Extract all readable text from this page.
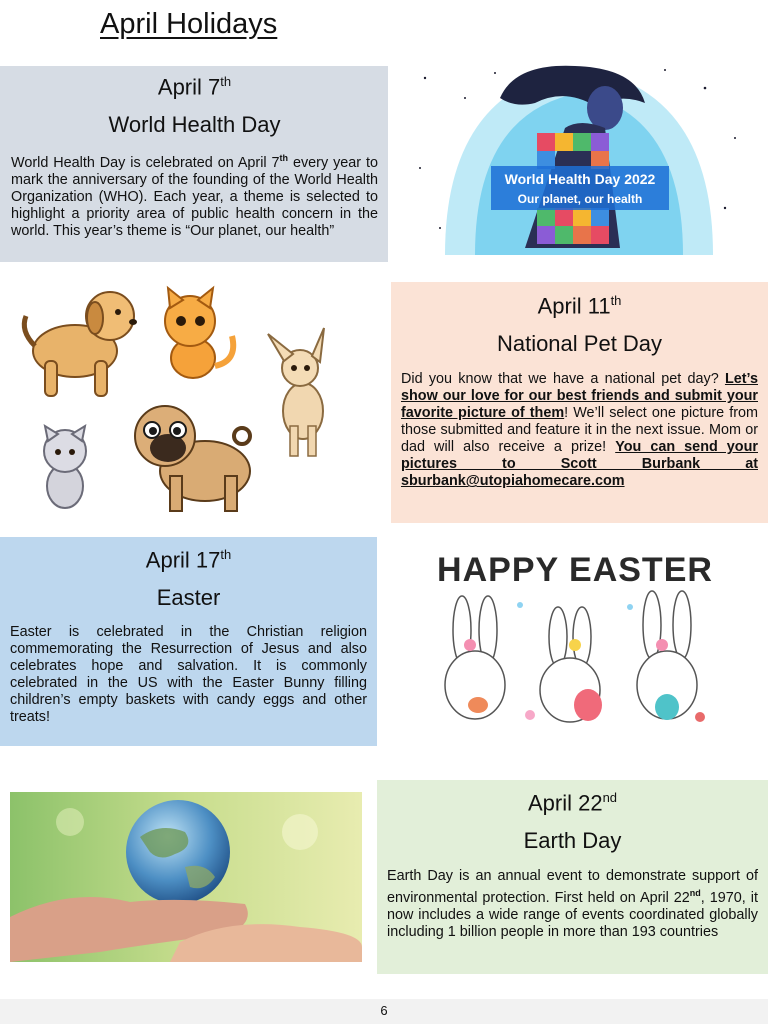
April Holidays
April 7th
World Health Day
World Health Day is celebrated on April 7th every year to mark the anniversary of the founding of the World Health Organization (WHO). Each year, a theme is selected to highlight a priority area of public health concern in the world. This year’s theme is “Our planet, our health”
World Health Day 2022
Our planet, our health
April 11th
National Pet Day
Did you know that we have a national pet day? Let’s show our love for our best friends and submit your favorite picture of them! We’ll select one picture from those submitted and feature it in the next issue. Mom or dad will also receive a prize! You can send your pictures to Scott Burbank at sburbank@utopiahomecare.com
April 17th
Easter
Easter is celebrated in the Christian religion commemorating the Resurrection of Jesus and also celebrates hope and salvation. It is commonly celebrated in the US with the Easter Bunny filling children’s empty baskets with candy eggs and other treats!
HAPPY EASTER
April 22nd
Earth Day
Earth Day is an annual event to demonstrate support of environmental protection. First held on April 22nd, 1970, it now includes a wide range of events coordinated globally including 1 billion people in more than 193 countries
6
